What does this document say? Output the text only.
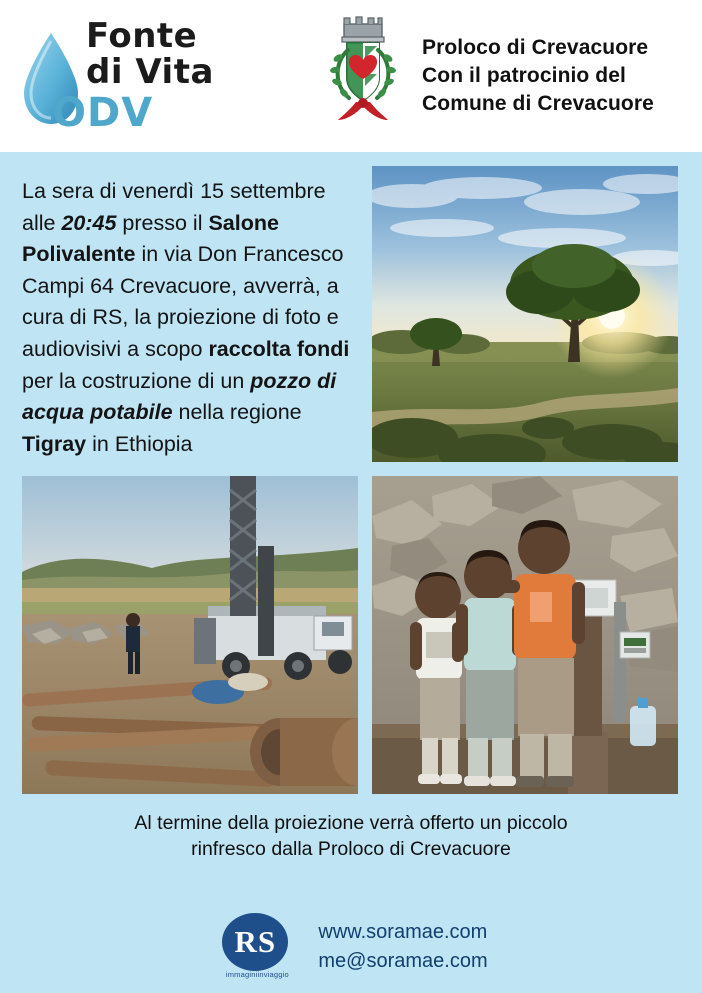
Fonte
di Vita
ODV
Proloco di Crevacuore
Con il patrocinio del
Comune di Crevacuore
La sera di venerdì 15 settembre alle 20:45 presso il Salone Polivalente in via Don Francesco Campi 64 Crevacuore, avverrà, a cura di RS, la proiezione di foto e audiovisivi a scopo raccolta fondi per la costruzione di un pozzo di acqua potabile nella regione Tigray in Ethiopia
Al termine della proiezione verrà offerto un piccolo
rinfresco dalla Proloco di Crevacuore
RS
immaginiinviaggio
www.soramae.com
me@soramae.com
